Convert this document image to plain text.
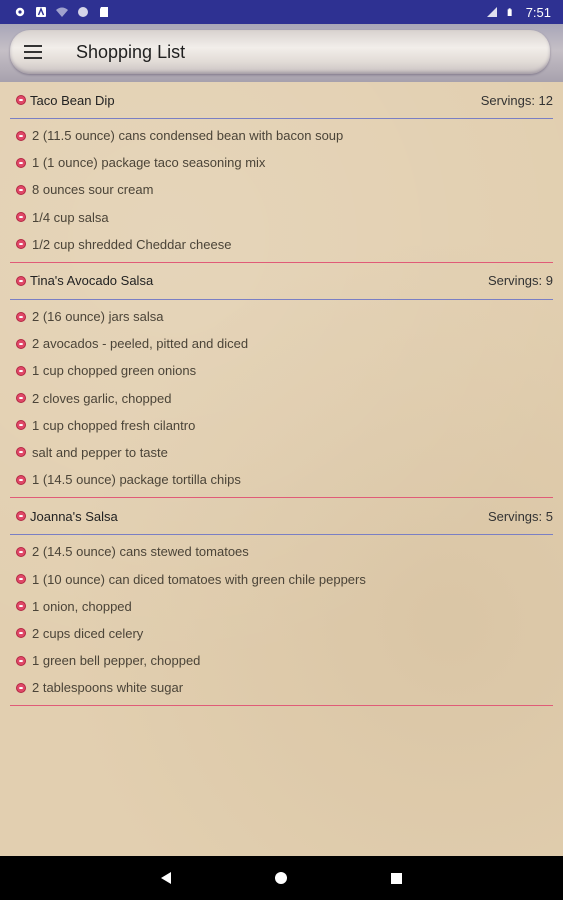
7:51
Shopping List
Taco Bean Dip	Servings: 12
2 (11.5 ounce) cans condensed bean with bacon soup
1 (1 ounce) package taco seasoning mix
8 ounces sour cream
1/4 cup salsa
1/2 cup shredded Cheddar cheese
Tina's Avocado Salsa	Servings: 9
2 (16 ounce) jars salsa
2 avocados - peeled, pitted and diced
1 cup chopped green onions
2 cloves garlic, chopped
1 cup chopped fresh cilantro
salt and pepper to taste
1 (14.5 ounce) package tortilla chips
Joanna's Salsa	Servings: 5
2 (14.5 ounce) cans stewed tomatoes
1 (10 ounce) can diced tomatoes with green chile peppers
1 onion, chopped
2 cups diced celery
1 green bell pepper, chopped
2 tablespoons white sugar
